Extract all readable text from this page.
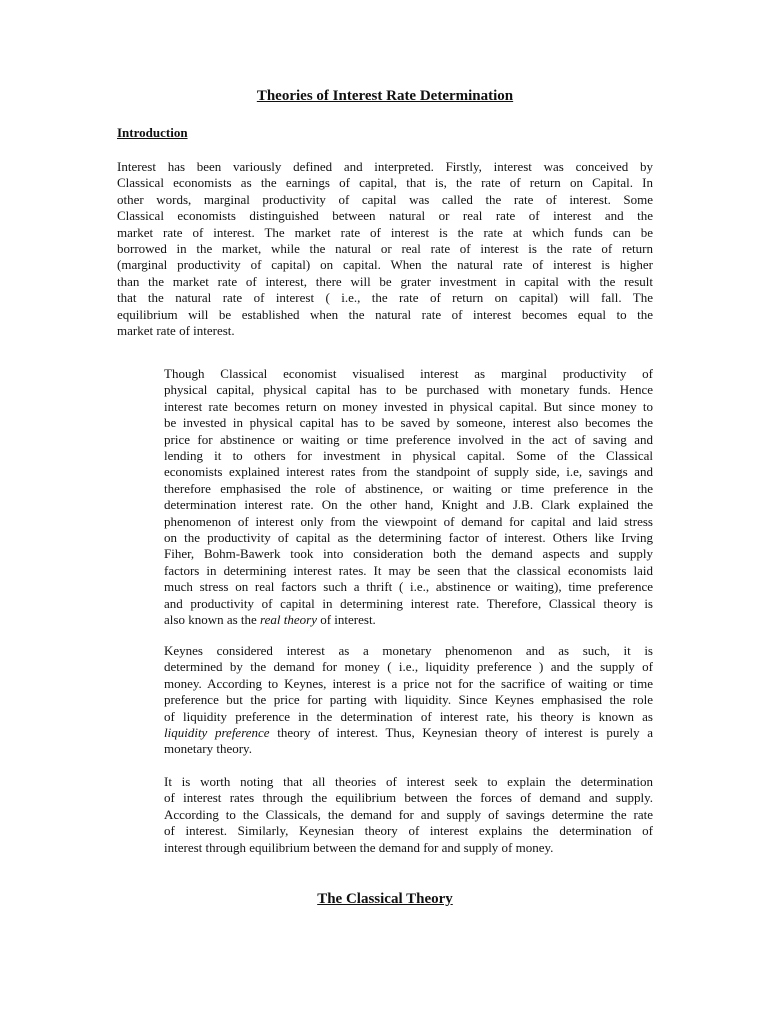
Theories of Interest Rate Determination
Introduction
Interest has been variously defined and interpreted. Firstly, interest was conceived by
Classical economists as the earnings of capital, that is, the rate of return on Capital. In
other words, marginal productivity of capital was called the rate of interest. Some
Classical economists distinguished between natural or real rate of interest and the
market rate of interest. The market rate of interest is the rate at which funds can be
borrowed in the market, while the natural or real rate of interest is the rate of return
(marginal productivity of capital) on capital. When the natural rate of interest is higher
than the market rate of interest, there will be grater investment in capital with the result
that the natural rate of interest ( i.e., the rate of return on capital) will fall. The
equilibrium will be established when the natural rate of interest becomes equal to the
market rate of interest.
Though Classical economist visualised interest as marginal productivity of
physical capital, physical capital has to be purchased with monetary funds. Hence
interest rate becomes return on money invested in physical capital. But since money to
be invested in physical capital has to be saved by someone, interest also becomes the
price for abstinence or waiting or time preference involved in the act of saving and
lending it to others for investment in physical capital. Some of the Classical
economists explained interest rates from the standpoint of supply side, i.e, savings and
therefore emphasised the role of abstinence, or waiting or time preference in the
determination interest rate. On the other hand, Knight and J.B. Clark explained the
phenomenon of interest only from the viewpoint of demand for capital and laid stress
on the productivity of capital as the determining factor of interest. Others like Irving
Fiher, Bohm-Bawerk took into consideration both the demand aspects and supply
factors in determining interest rates. It may be seen that the classical economists laid
much stress on real factors such a thrift ( i.e., abstinence or waiting), time preference
and productivity of capital in determining interest rate. Therefore, Classical theory is
also known as the real theory of interest.
Keynes considered interest as a monetary phenomenon and as such, it is
determined by the demand for money ( i.e., liquidity preference ) and the supply of
money. According to Keynes, interest is a price not for the sacrifice of waiting or time
preference but the price for parting with liquidity. Since Keynes emphasised the role
of liquidity preference in the determination of interest rate, his theory is known as
liquidity preference theory of interest. Thus, Keynesian theory of interest is purely a
monetary theory.
It is worth noting that all theories of interest seek to explain the determination
of interest rates through the equilibrium between the forces of demand and supply.
According to the Classicals, the demand for and supply of savings determine the rate
of interest. Similarly, Keynesian theory of interest explains the determination of
interest through equilibrium between the demand for and supply of money.
The Classical Theory
